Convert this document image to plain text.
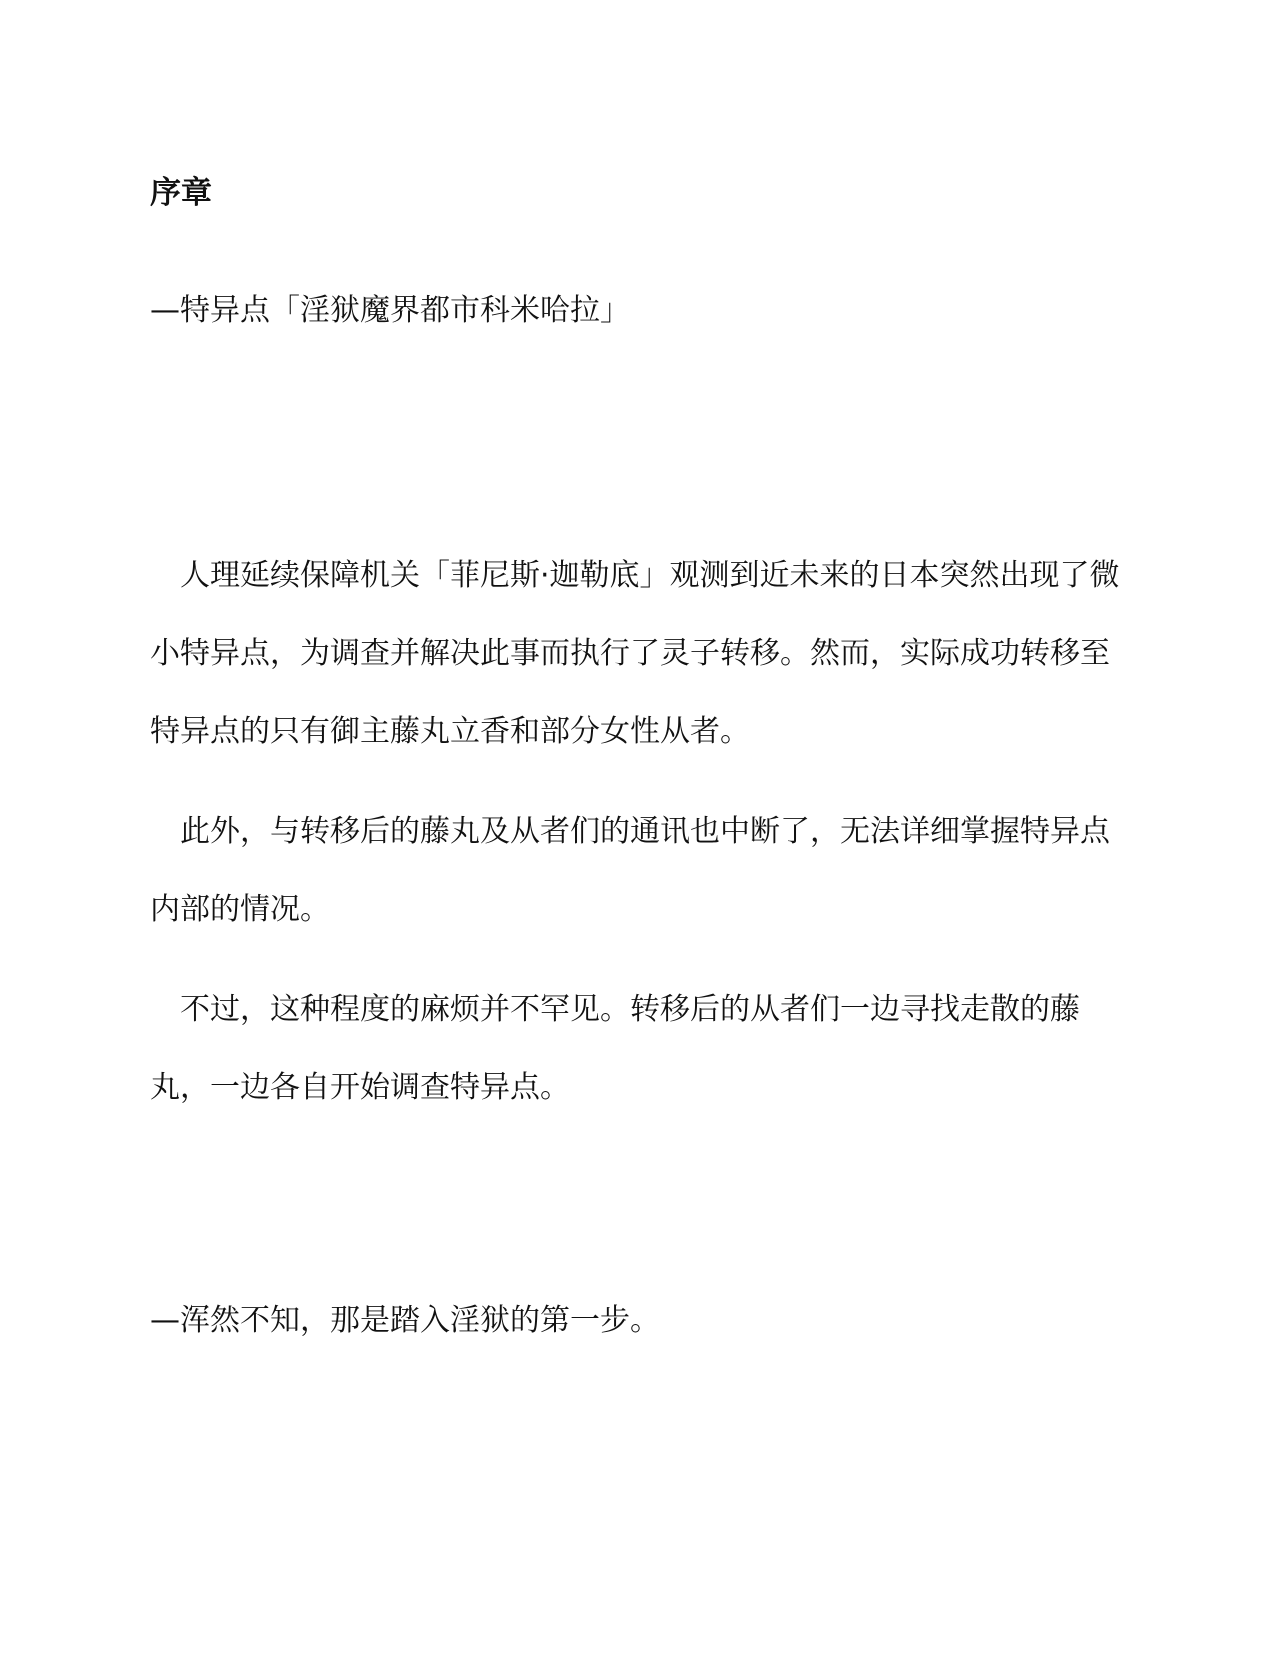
序章

—特异点「淫狱魔界都市科米哈拉」

人理延续保障机关「菲尼斯·迦勒底」观测到近未来的日本突然出现了微小特异点，为调查并解决此事而执行了灵子转移。然而，实际成功转移至特异点的只有御主藤丸立香和部分女性从者。

此外，与转移后的藤丸及从者们的通讯也中断了，无法详细掌握特异点内部的情况。

不过，这种程度的麻烦并不罕见。转移后的从者们一边寻找走散的藤丸，一边各自开始调查特异点。

—浑然不知，那是踏入淫狱的第一步。
